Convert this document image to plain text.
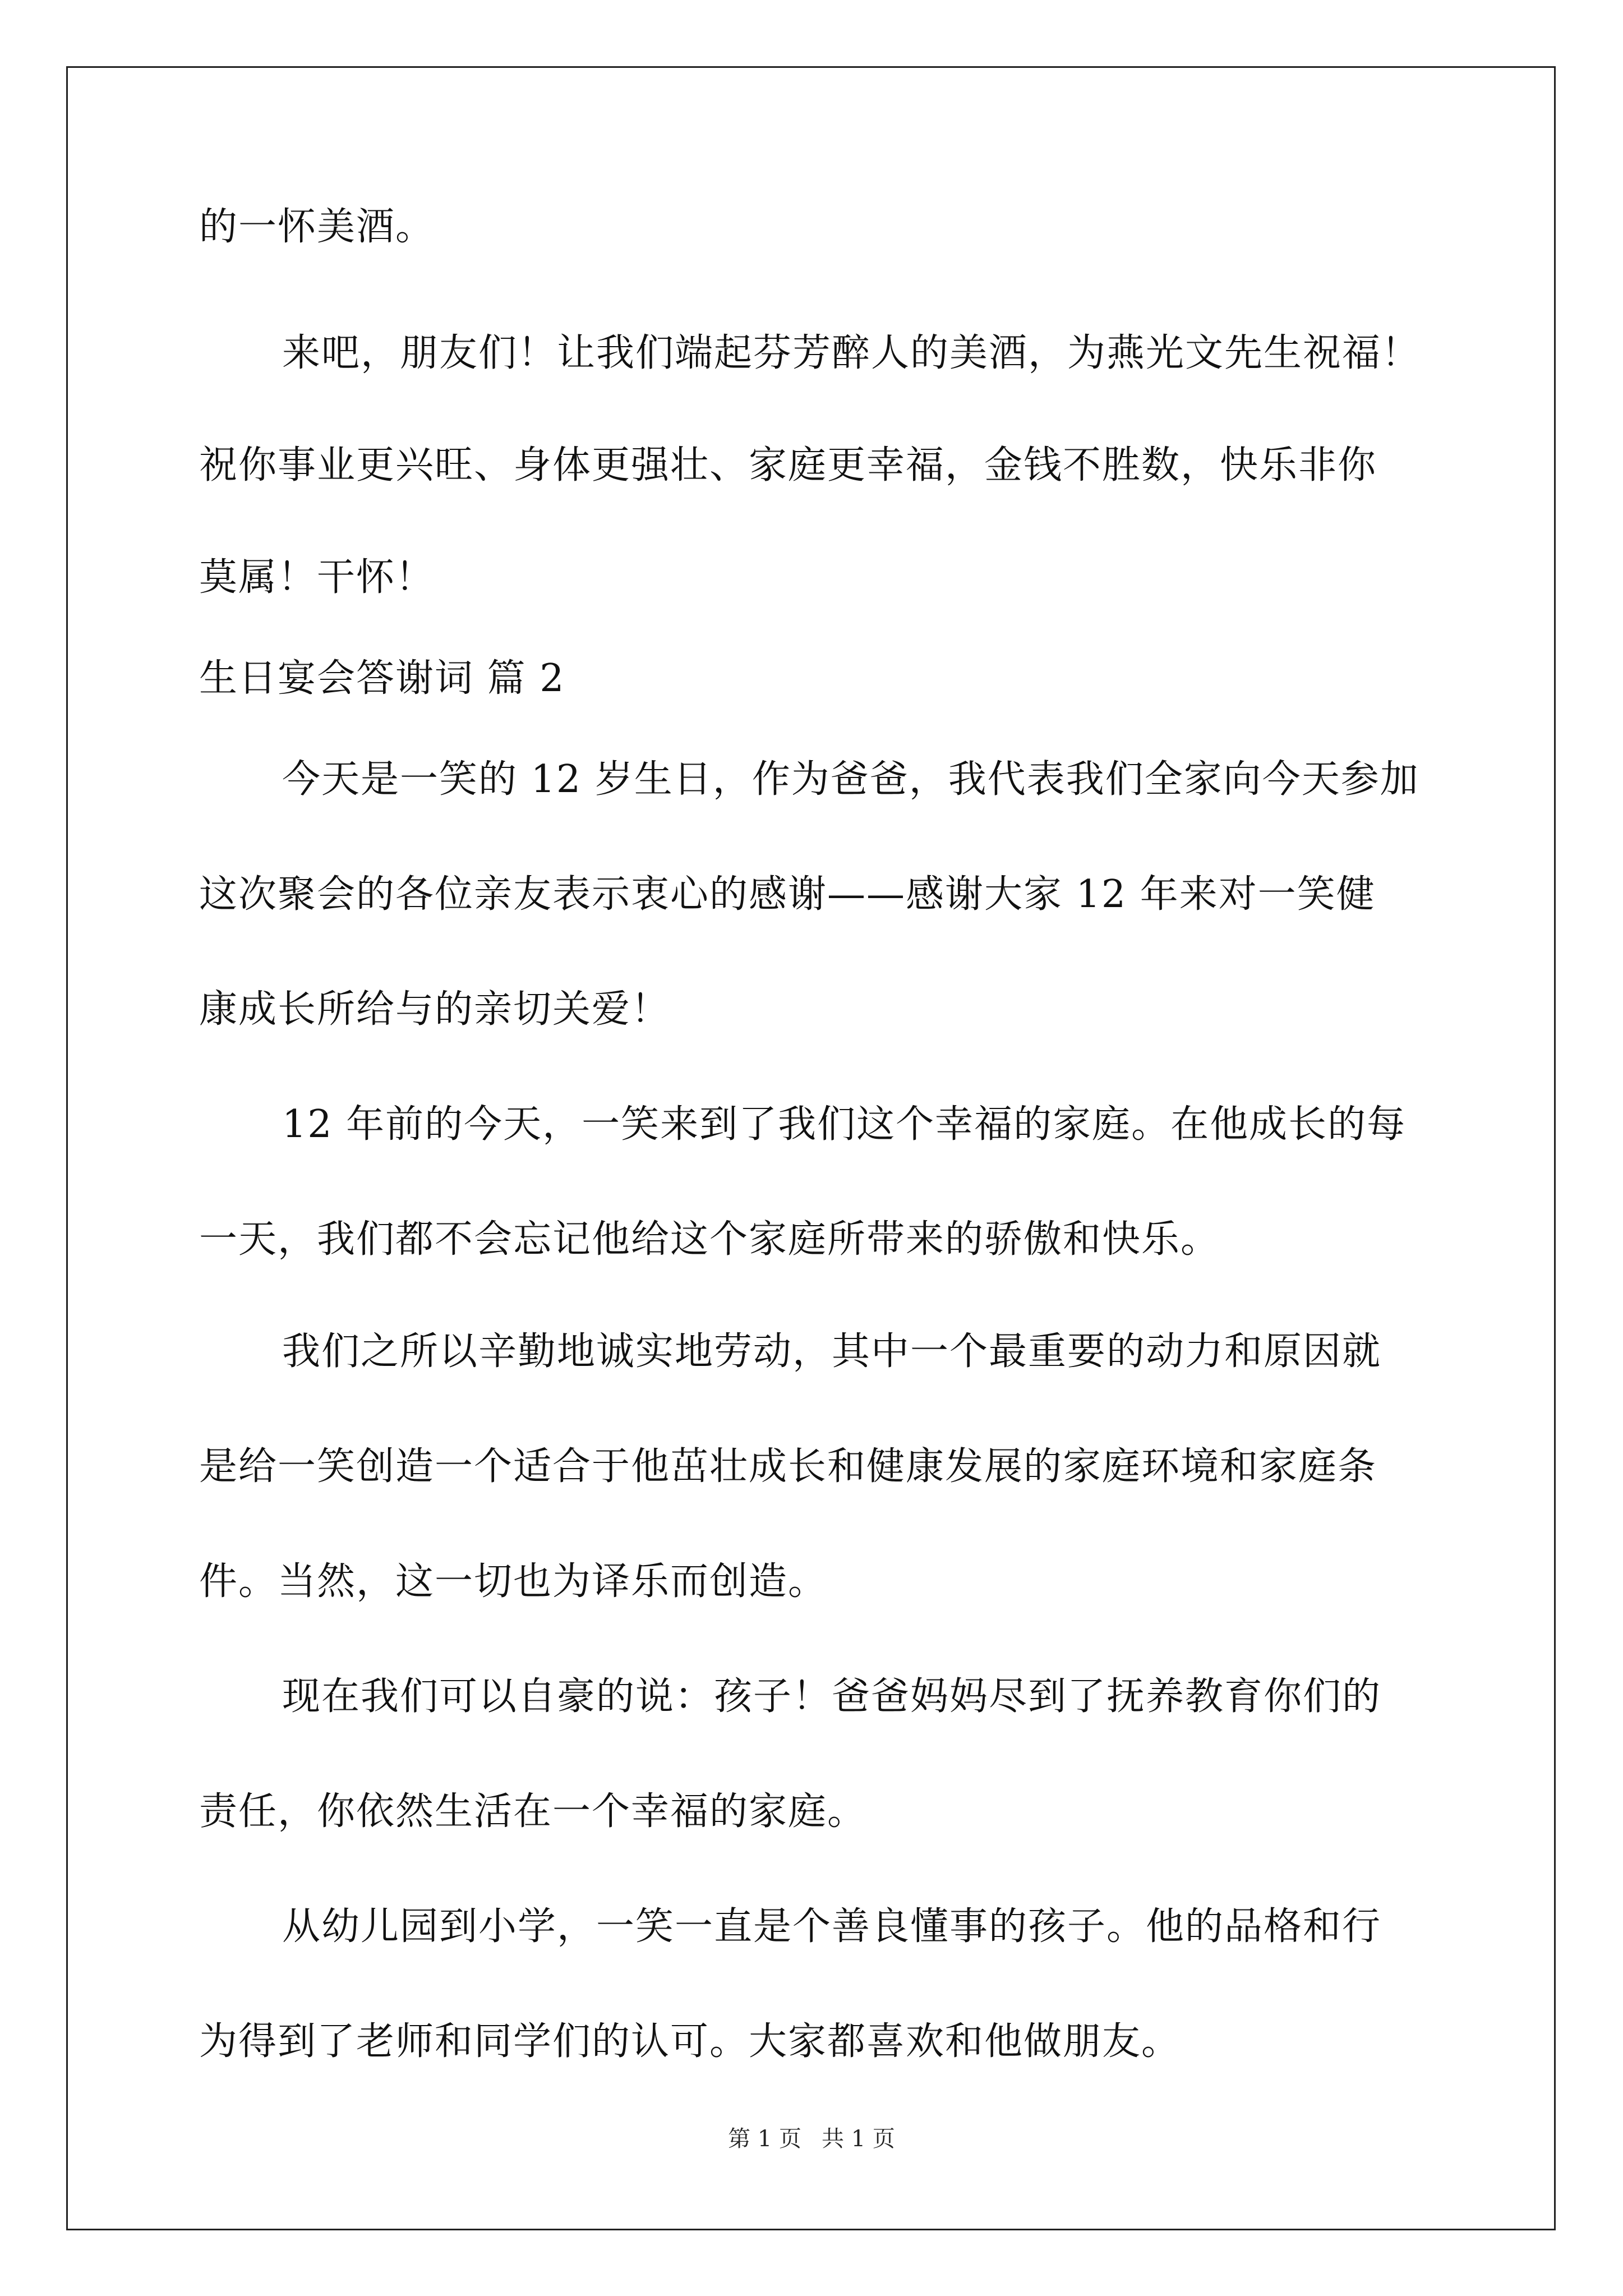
的一怀美酒。
来吧，朋友们！让我们端起芬芳醉人的美酒，为燕光文先生祝福！
祝你事业更兴旺、身体更强壮、家庭更幸福，金钱不胜数，快乐非你
莫属！干怀！
生日宴会答谢词 篇 2
今天是一笑的 12 岁生日，作为爸爸，我代表我们全家向今天参加
这次聚会的各位亲友表示衷心的感谢——感谢大家 12 年来对一笑健
康成长所给与的亲切关爱！
12 年前的今天，一笑来到了我们这个幸福的家庭。在他成长的每
一天，我们都不会忘记他给这个家庭所带来的骄傲和快乐。
我们之所以辛勤地诚实地劳动，其中一个最重要的动力和原因就
是给一笑创造一个适合于他茁壮成长和健康发展的家庭环境和家庭条
件。当然，这一切也为译乐而创造。
现在我们可以自豪的说：孩子！爸爸妈妈尽到了抚养教育你们的
责任，你依然生活在一个幸福的家庭。
从幼儿园到小学，一笑一直是个善良懂事的孩子。他的品格和行
为得到了老师和同学们的认可。大家都喜欢和他做朋友。
第 1 页 共 1 页
